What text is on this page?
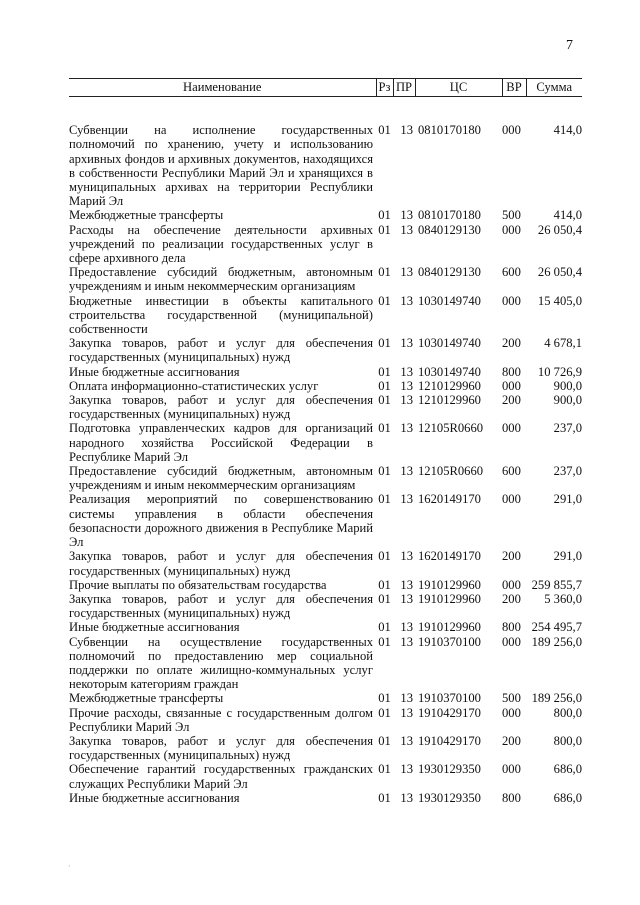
7
Наименование	Рз	ПР	ЦС	ВР	Сумма
Субвенции на исполнение государственных полномочий по хранению, учету и использованию архивных фондов и архивных документов, находящихся в собственности Республики Марий Эл и хранящихся в муниципальных архивах на территории Республики Марий Эл	01	13	0810170180	000	414,0
Межбюджетные трансферты	01	13	0810170180	500	414,0
Расходы на обеспечение деятельности архивных учреждений по реализации государственных услуг в сфере архивного дела	01	13	0840129130	000	26 050,4
Предоставление субсидий бюджетным, автономным учреждениям и иным некоммерческим организациям	01	13	0840129130	600	26 050,4
Бюджетные инвестиции в объекты капитального строительства государственной (муниципальной) собственности	01	13	1030149740	000	15 405,0
Закупка товаров, работ и услуг для обеспечения государственных (муниципальных) нужд	01	13	1030149740	200	4 678,1
Иные бюджетные ассигнования	01	13	1030149740	800	10 726,9
Оплата информационно-статистических услуг	01	13	1210129960	000	900,0
Закупка товаров, работ и услуг для обеспечения государственных (муниципальных) нужд	01	13	1210129960	200	900,0
Подготовка управленческих кадров для организаций народного хозяйства Российской Федерации в Республике Марий Эл	01	13	12105R0660	000	237,0
Предоставление субсидий бюджетным, автономным учреждениям и иным некоммерческим организациям	01	13	12105R0660	600	237,0
Реализация мероприятий по совершенствованию системы управления в области обеспечения безопасности дорожного движения в Республике Марий Эл	01	13	1620149170	000	291,0
Закупка товаров, работ и услуг для обеспечения государственных (муниципальных) нужд	01	13	1620149170	200	291,0
Прочие выплаты по обязательствам государства	01	13	1910129960	000	259 855,7
Закупка товаров, работ и услуг для обеспечения государственных (муниципальных) нужд	01	13	1910129960	200	5 360,0
Иные бюджетные ассигнования	01	13	1910129960	800	254 495,7
Субвенции на осуществление государственных полномочий по предоставлению мер социальной поддержки по оплате жилищно-коммунальных услуг некоторым категориям граждан	01	13	1910370100	000	189 256,0
Межбюджетные трансферты	01	13	1910370100	500	189 256,0
Прочие расходы, связанные с государственным долгом Республики Марий Эл	01	13	1910429170	000	800,0
Закупка товаров, работ и услуг для обеспечения государственных (муниципальных) нужд	01	13	1910429170	200	800,0
Обеспечение гарантий государственных гражданских служащих Республики Марий Эл	01	13	1930129350	000	686,0
Иные бюджетные ассигнования	01	13	1930129350	800	686,0
·
